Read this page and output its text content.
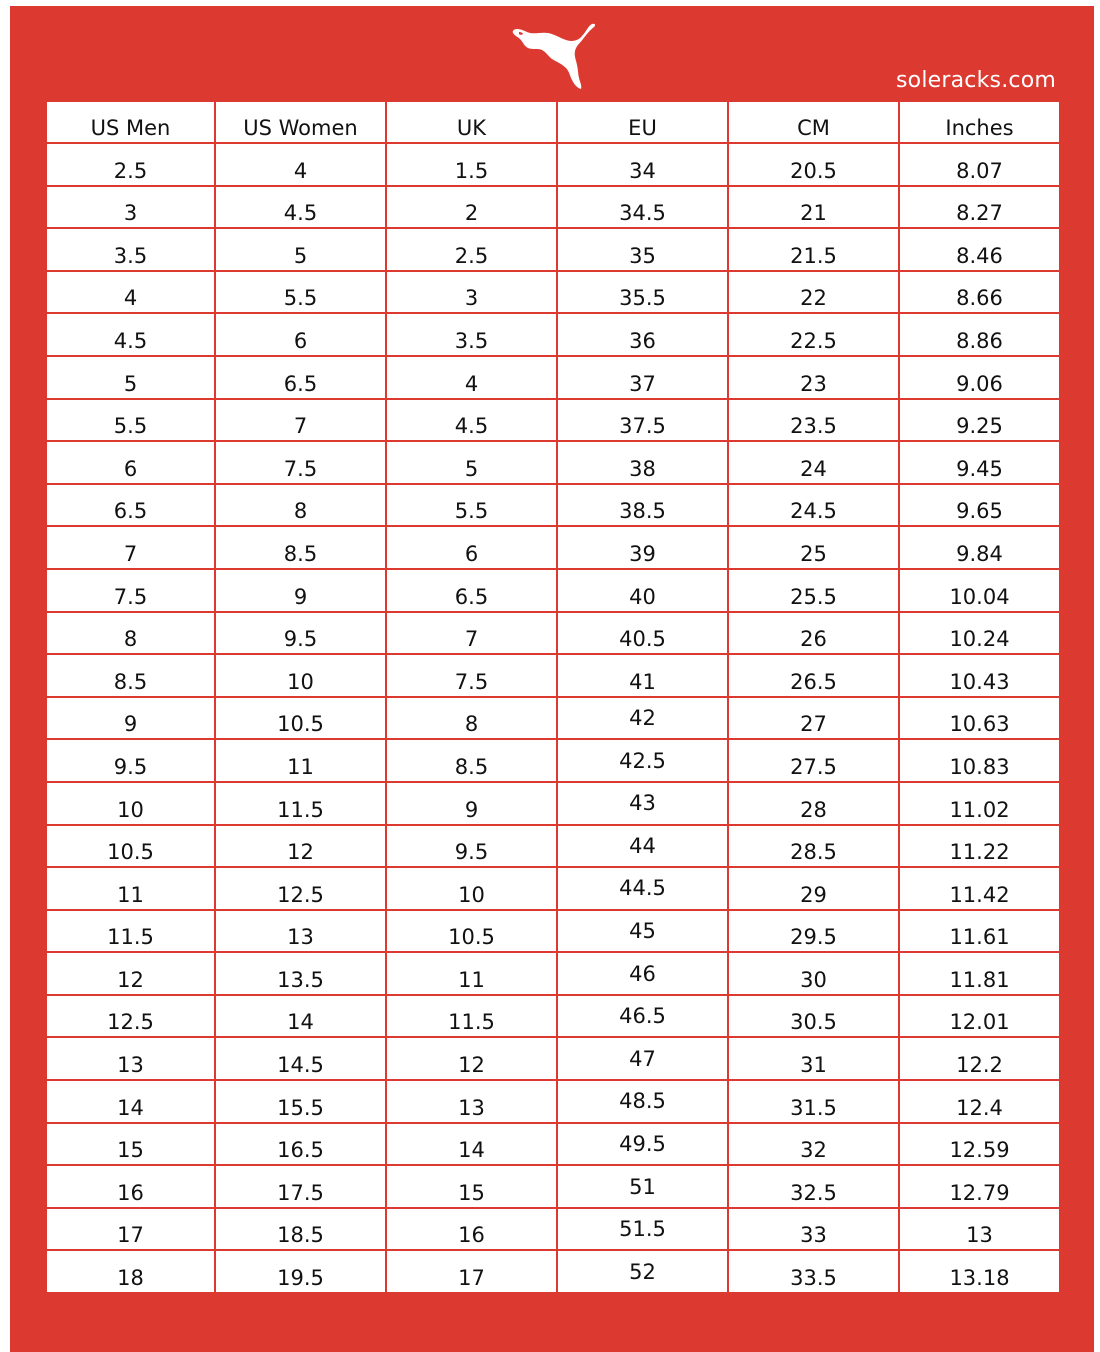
soleracks.com
US Men	US Women	UK	EU	CM	Inches
2.5	4	1.5	34	20.5	8.07
3	4.5	2	34.5	21	8.27
3.5	5	2.5	35	21.5	8.46
4	5.5	3	35.5	22	8.66
4.5	6	3.5	36	22.5	8.86
5	6.5	4	37	23	9.06
5.5	7	4.5	37.5	23.5	9.25
6	7.5	5	38	24	9.45
6.5	8	5.5	38.5	24.5	9.65
7	8.5	6	39	25	9.84
7.5	9	6.5	40	25.5	10.04
8	9.5	7	40.5	26	10.24
8.5	10	7.5	41	26.5	10.43
9	10.5	8	42	27	10.63
9.5	11	8.5	42.5	27.5	10.83
10	11.5	9	43	28	11.02
10.5	12	9.5	44	28.5	11.22
11	12.5	10	44.5	29	11.42
11.5	13	10.5	45	29.5	11.61
12	13.5	11	46	30	11.81
12.5	14	11.5	46.5	30.5	12.01
13	14.5	12	47	31	12.2
14	15.5	13	48.5	31.5	12.4
15	16.5	14	49.5	32	12.59
16	17.5	15	51	32.5	12.79
17	18.5	16	51.5	33	13
18	19.5	17	52	33.5	13.18
